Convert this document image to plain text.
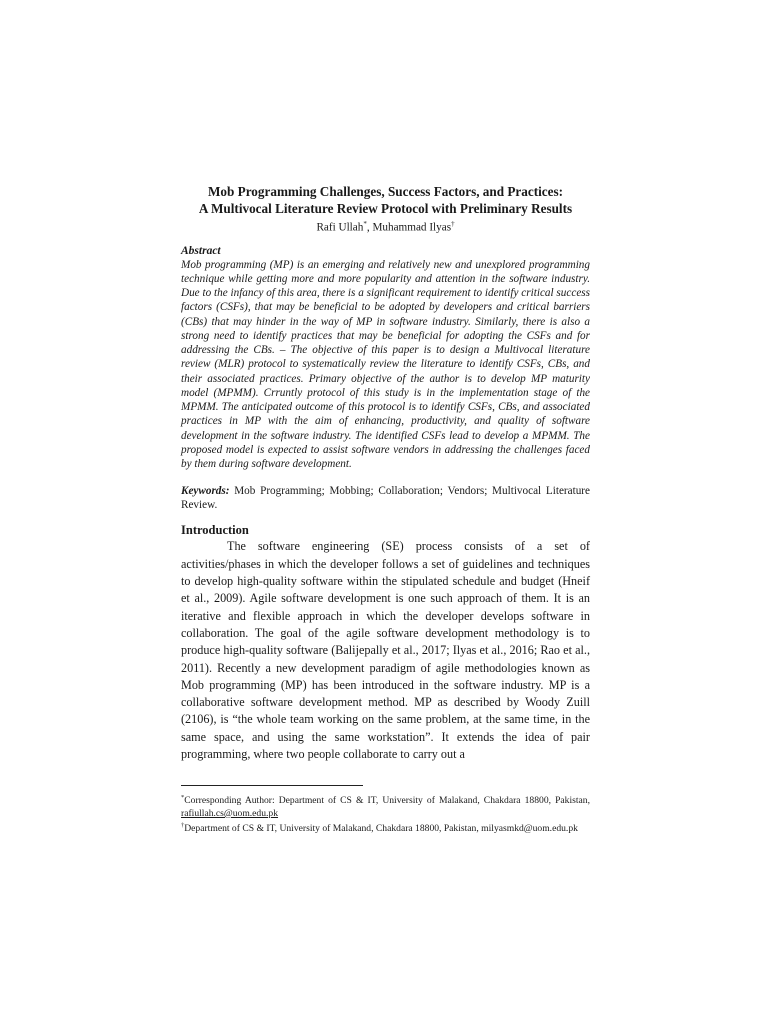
Mob Programming Challenges, Success Factors, and Practices:
A Multivocal Literature Review Protocol with Preliminary Results

Rafi Ullah*, Muhammad Ilyas†

Abstract

Mob programming (MP) is an emerging and relatively new and unexplored programming technique while getting more and more popularity and attention in the software industry. Due to the infancy of this area, there is a significant requirement to identify critical success factors (CSFs), that may be beneficial to be adopted by developers and critical barriers (CBs) that may hinder in the way of MP in software industry. Similarly, there is also a strong need to identify practices that may be beneficial for adopting the CSFs and for addressing the CBs. – The objective of this paper is to design a Multivocal literature review (MLR) protocol to systematically review the literature to identify CSFs, CBs, and their associated practices. Primary objective of the author is to develop MP maturity model (MPMM). Crruntly protocol of this study is in the implementation stage of the MPMM. The anticipated outcome of this protocol is to identify CSFs, CBs, and associated practices in MP with the aim of enhancing, productivity, and quality of software development in the software industry. The identified CSFs lead to develop a MPMM. The proposed model is expected to assist software vendors in addressing the challenges faced by them during software development.

Keywords: Mob Programming; Mobbing; Collaboration; Vendors; Multivocal Literature Review.

Introduction

The software engineering (SE) process consists of a set of activities/phases in which the developer follows a set of guidelines and techniques to develop high-quality software within the stipulated schedule and budget (Hneif et al., 2009). Agile software development is one such approach of them. It is an iterative and flexible approach in which the developer develops software in collaboration. The goal of the agile software development methodology is to produce high-quality software (Balijepally et al., 2017; Ilyas et al., 2016; Rao et al., 2011). Recently a new development paradigm of agile methodologies known as Mob programming (MP) has been introduced in the software industry. MP is a collaborative software development method. MP as described by Woody Zuill (2106), is “the whole team working on the same problem, at the same time, in the same space, and using the same workstation”. It extends the idea of pair programming, where two people collaborate to carry out a

*Corresponding Author: Department of CS & IT, University of Malakand, Chakdara 18800, Pakistan, rafiullah.cs@uom.edu.pk

†Department of CS & IT, University of Malakand, Chakdara 18800, Pakistan, milyasmkd@uom.edu.pk
